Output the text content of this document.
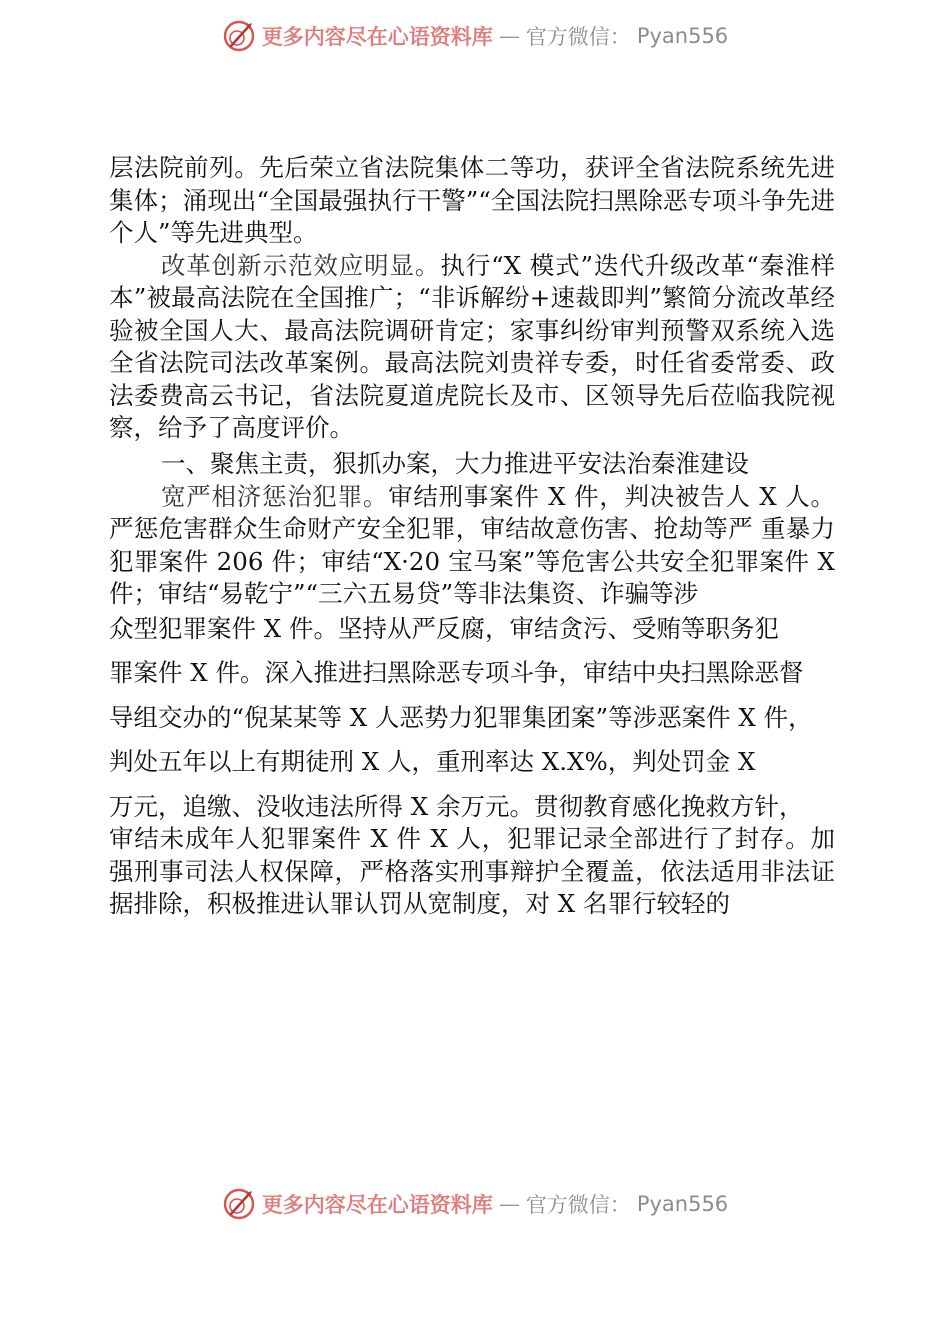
更多内容尽在心语资料库 — 官方微信： Pyan556

层法院前列。先后荣立省法院集体二等功，获评全省法院系统先进集体；涌现出“全国最强执行干警”“全国法院扫黑除恶专项斗争先进个人”等先进典型。

改革创新示范效应明显。执行“X 模式”迭代升级改革“秦淮样本”被最高法院在全国推广；“非诉解纷+速裁即判”繁简分流改革经验被全国人大、最高法院调研肯定；家事纠纷审判预警双系统入选全省法院司法改革案例。最高法院刘贵祥专委，时任省委常委、政法委费高云书记，省法院夏道虎院长及市、区领导先后莅临我院视察，给予了高度评价。

一、聚焦主责，狠抓办案，大力推进平安法治秦淮建设

宽严相济惩治犯罪。审结刑事案件 X 件，判决被告人 X 人。严惩危害群众生命财产安全犯罪，审结故意伤害、抢劫等严 重暴力犯罪案件 206 件；审结“X·20 宝马案”等危害公共安全犯罪案件 X 件；审结“易乾宁”“三六五易贷”等非法集资、诈骗等涉

众型犯罪案件 X 件。坚持从严反腐，审结贪污、受贿等职务犯
罪案件 X 件。深入推进扫黑除恶专项斗争，审结中央扫黑除恶督
导组交办的“倪某某等 X 人恶势力犯罪集团案”等涉恶案件 X 件，
判处五年以上有期徒刑 X 人，重刑率达 X.X%，判处罚金 X
万元，追缴、没收违法所得 X 余万元。贯彻教育感化挽救方针，

审结未成年人犯罪案件 X 件 X 人，犯罪记录全部进行了封存。加强刑事司法人权保障，严格落实刑事辩护全覆盖，依法适用非法证据排除，积极推进认罪认罚从宽制度，对 X 名罪行较轻的

更多内容尽在心语资料库 — 官方微信： Pyan556
